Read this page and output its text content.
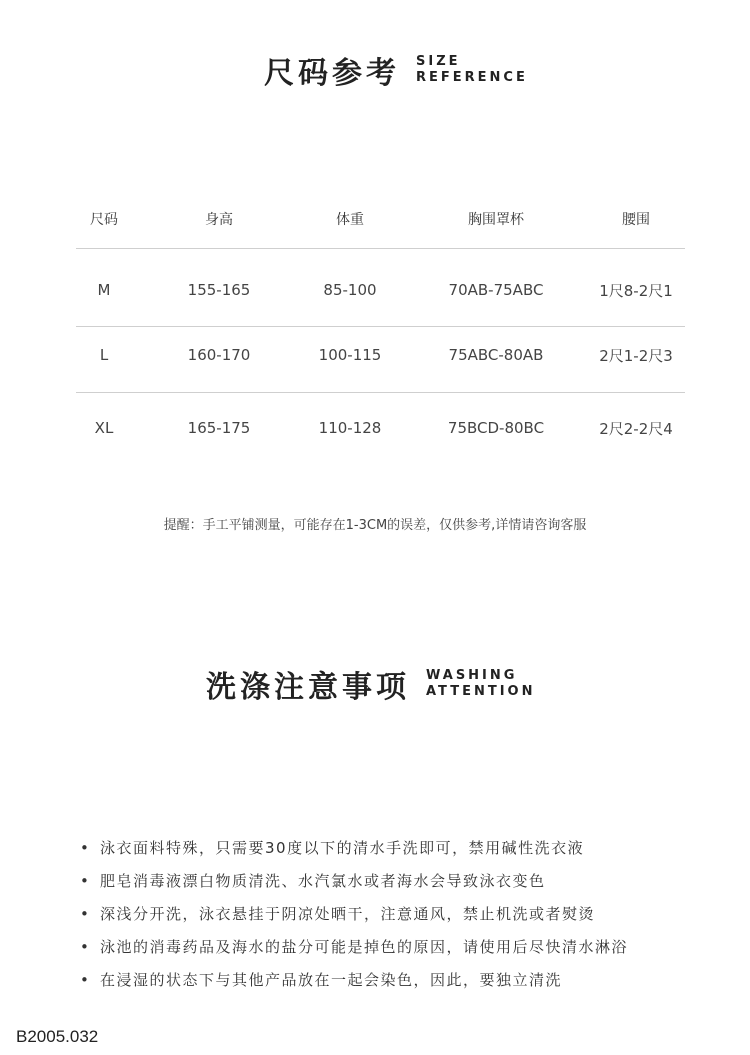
尺码参考 SIZE
REFERENCE
尺码	身高	体重	胸围罩杯	腰围
M	155-165	85-100	70AB-75ABC	1尺8-2尺1
L	160-170	100-115	75ABC-80AB	2尺1-2尺3
XL	165-175	110-128	75BCD-80BC	2尺2-2尺4
提醒：手工平铺测量，可能存在1-3CM的误差，仅供参考,详情请咨询客服
洗涤注意事项 WASHING
ATTENTION
• 泳衣面料特殊，只需要30度以下的清水手洗即可，禁用碱性洗衣液
• 肥皂消毒液漂白物质清洗、水汽氯水或者海水会导致泳衣变色
• 深浅分开洗，泳衣悬挂于阴凉处晒干，注意通风，禁止机洗或者熨烫
• 泳池的消毒药品及海水的盐分可能是掉色的原因，请使用后尽快清水淋浴
• 在浸湿的状态下与其他产品放在一起会染色，因此，要独立清洗
B2005.032
